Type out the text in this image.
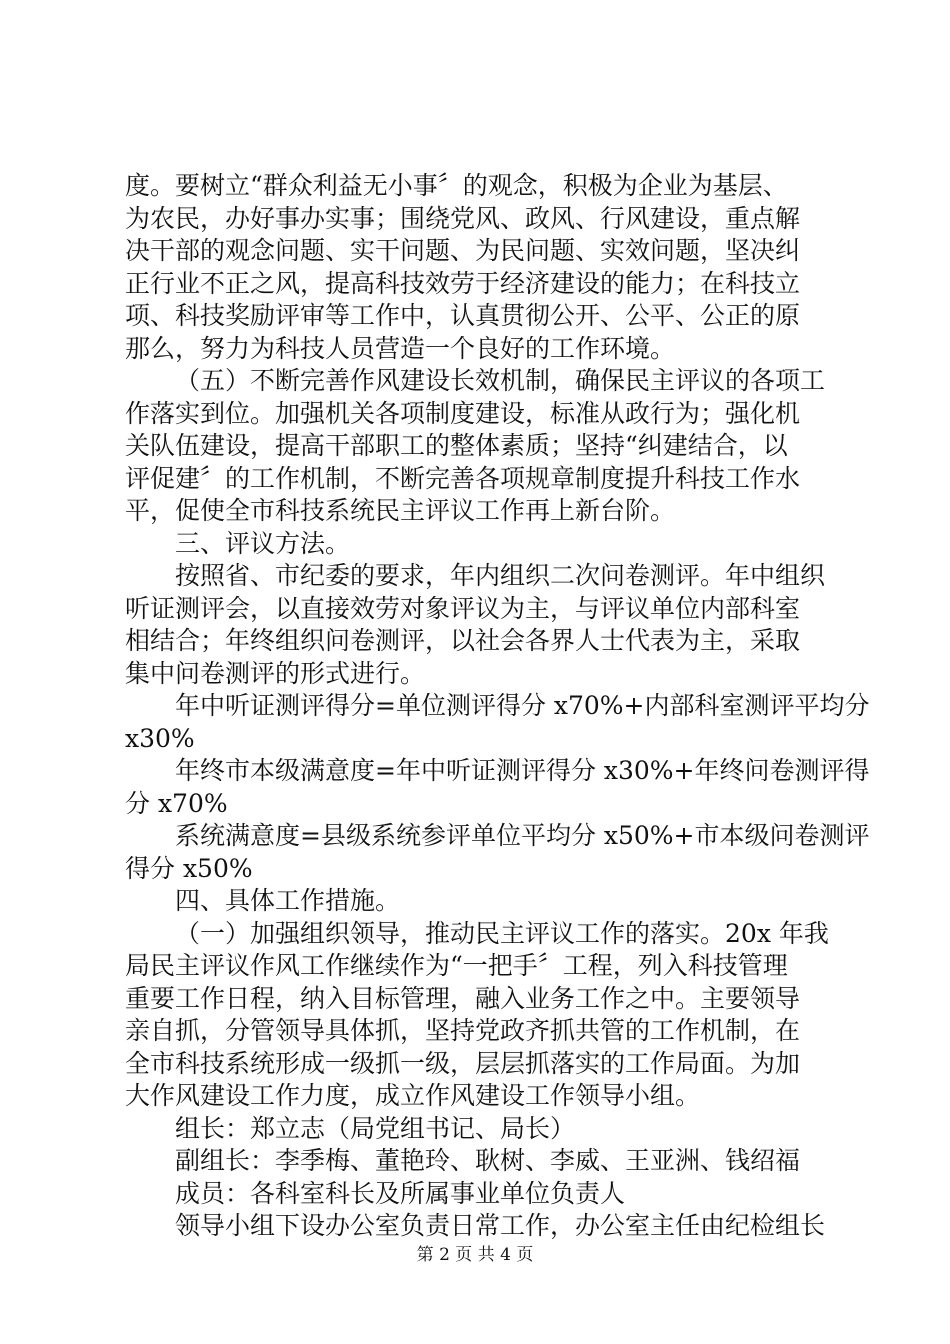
度。要树立“群众利益无小事〞的观念，积极为企业为基层、
为农民，办好事办实事；围绕党风、政风、行风建设，重点解
决干部的观念问题、实干问题、为民问题、实效问题，坚决纠
正行业不正之风，提高科技效劳于经济建设的能力；在科技立
项、科技奖励评审等工作中，认真贯彻公开、公平、公正的原
那么，努力为科技人员营造一个良好的工作环境。
（五）不断完善作风建设长效机制，确保民主评议的各项工
作落实到位。加强机关各项制度建设，标准从政行为；强化机
关队伍建设，提高干部职工的整体素质；坚持“纠建结合，以
评促建〞的工作机制，不断完善各项规章制度提升科技工作水
平，促使全市科技系统民主评议工作再上新台阶。
三、评议方法。
按照省、市纪委的要求，年内组织二次问卷测评。年中组织
听证测评会，以直接效劳对象评议为主，与评议单位内部科室
相结合；年终组织问卷测评，以社会各界人士代表为主，采取
集中问卷测评的形式进行。
年中听证测评得分=单位测评得分 x70%+内部科室测评平均分
x30%
年终市本级满意度=年中听证测评得分 x30%+年终问卷测评得
分 x70%
系统满意度=县级系统参评单位平均分 x50%+市本级问卷测评
得分 x50%
四、具体工作措施。
（一）加强组织领导，推动民主评议工作的落实。20x 年我
局民主评议作风工作继续作为“一把手〞工程，列入科技管理
重要工作日程，纳入目标管理，融入业务工作之中。主要领导
亲自抓，分管领导具体抓，坚持党政齐抓共管的工作机制，在
全市科技系统形成一级抓一级，层层抓落实的工作局面。为加
大作风建设工作力度，成立作风建设工作领导小组。
组长：郑立志（局党组书记、局长）
副组长：李季梅、董艳玲、耿树、李威、王亚洲、钱绍福
成员：各科室科长及所属事业单位负责人
领导小组下设办公室负责日常工作，办公室主任由纪检组长
第 2 页 共 4 页
